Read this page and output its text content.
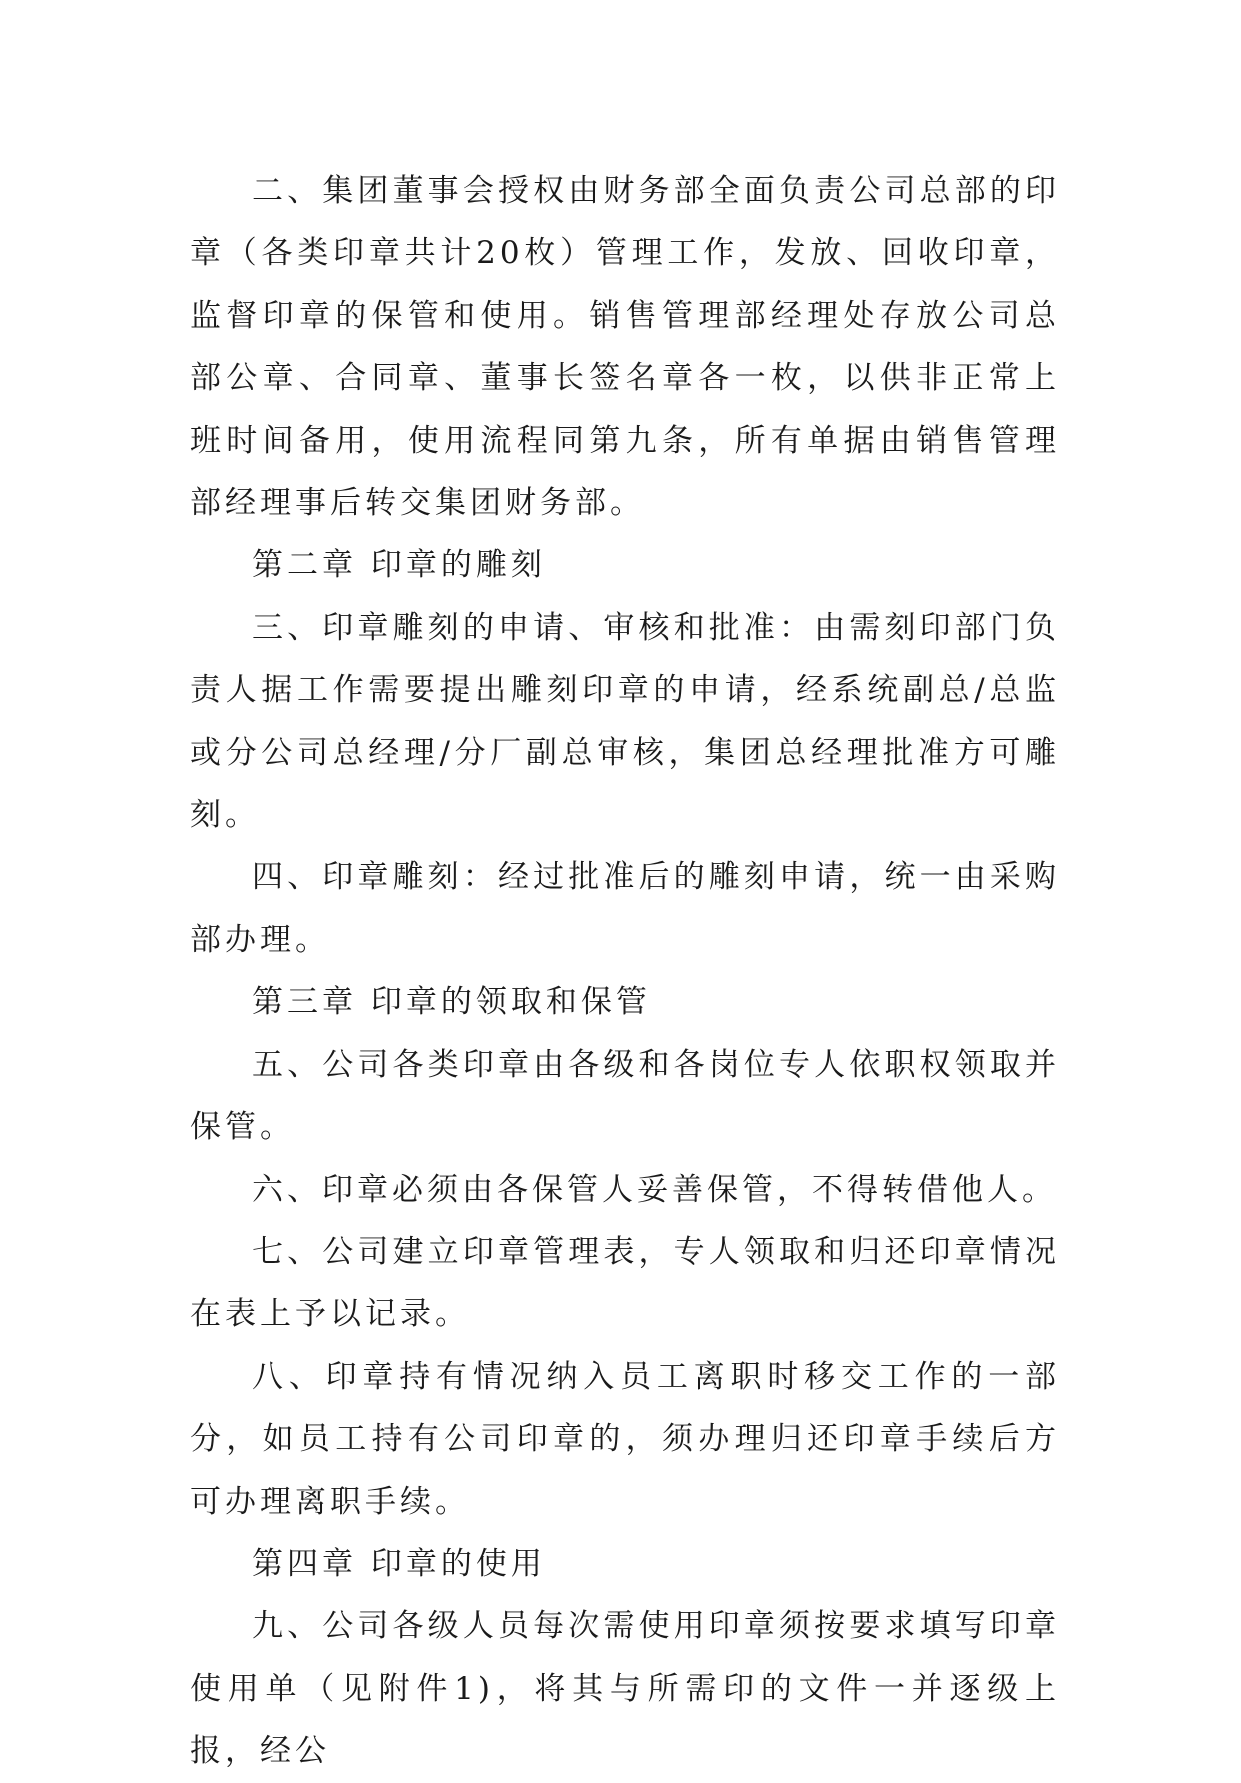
二、集团董事会授权由财务部全面负责公司总部的印章（各类印章共计20枚）管理工作，发放、回收印章，监督印章的保管和使用。销售管理部经理处存放公司总部公章、合同章、董事长签名章各一枚，以供非正常上班时间备用，使用流程同第九条，所有单据由销售管理部经理事后转交集团财务部。

第二章 印章的雕刻

三、印章雕刻的申请、审核和批准：由需刻印部门负责人据工作需要提出雕刻印章的申请，经系统副总/总监或分公司总经理/分厂副总审核，集团总经理批准方可雕刻。

四、印章雕刻：经过批准后的雕刻申请，统一由采购部办理。

第三章 印章的领取和保管

五、公司各类印章由各级和各岗位专人依职权领取并保管。

六、印章必须由各保管人妥善保管，不得转借他人。

七、公司建立印章管理表，专人领取和归还印章情况在表上予以记录。

八、印章持有情况纳入员工离职时移交工作的一部分，如员工持有公司印章的，须办理归还印章手续后方可办理离职手续。

第四章 印章的使用

九、公司各级人员每次需使用印章须按要求填写印章使用单（见附件1)，将其与所需印的文件一并逐级上报，经公
